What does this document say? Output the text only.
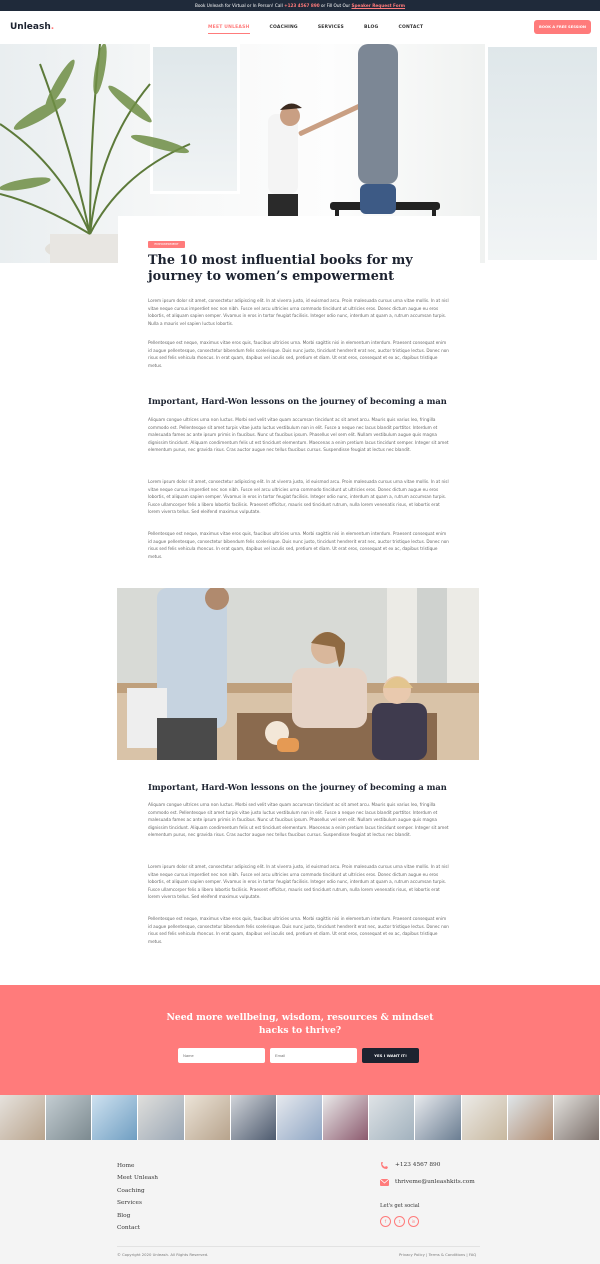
Book Unleash for Virtual or In Person! Call +123 4567 890 or Fill Out Our Speaker Request Form
Unleash.	MEET UNLEASH	COACHING	SERVICES	BLOG	CONTACT	BOOK A FREE SESSION
EMPOWERMENT
The 10 most influential books for my journey to women’s empowerment

Lorem ipsum dolor sit amet, consectetur adipiscing elit. In at viverra justo, id euismod arcu. Proin malesuada cursus urna vitae mollis. In at nisl vitae neque cursus imperdiet nec non nibh. Fusce vel arcu ultricies urna commodo tincidunt ut ultricies eros. Donec dictum augue eu eros lobortis, et aliquam sapien semper. Vivamus in eros in tortor feugiat facilisis. Integer odio nunc, interdum at quam a, rutrum accumsan turpis. Nulla a mauris vel sapien luctus lobortis.

Pellentesque est neque, maximus vitae eros quis, faucibus ultricies urna. Morbi sagittis nisi in elementum interdum. Praesent consequat enim id augue pellentesque, consectetur bibendum felis scelerisque. Duis nunc justo, tincidunt hendrerit erat nec, auctor tristique lectus. Donec non risus sed felis vehicula rhoncus. In erat quam, dapibus vel iaculis sed, pretium et diam. Ut erat eros, consequat et ex ac, dapibus tristique metus.

Important, Hard-Won lessons on the journey of becoming a man

Aliquam congue ultrices urna non luctus. Morbi sed velit vitae quam accumsan tincidunt ac sit amet arcu. Mauris quis varius leo, fringilla commodo est. Pellentesque sit amet turpis vitae justo luctus vestibulum non in elit. Fusce a neque nec lacus blandit porttitor. Interdum et malesuada fames ac ante ipsum primis in faucibus. Nunc ut faucibus ipsum. Phasellus vel sem elit. Nullam vestibulum augue quis magna dignissim tincidunt. Aliquam condimentum felis ut est tincidunt elementum. Maecenas a enim pretium lacus tincidunt semper. Integer sit amet elementum purus, nec gravida risus. Cras auctor augue nec tellus faucibus cursus. Suspendisse feugiat at lectus nec blandit.

Lorem ipsum dolor sit amet, consectetur adipiscing elit. In at viverra justo, id euismod arcu. Proin malesuada cursus urna vitae mollis. In at nisl vitae neque cursus imperdiet nec non nibh. Fusce vel arcu ultricies urna commodo tincidunt ut ultricies eros. Donec dictum augue eu eros lobortis, et aliquam sapien semper. Vivamus in eros in tortor feugiat facilisis. Integer odio nunc, interdum at quam a, rutrum accumsan turpis. Fusce ullamcorper felis a libero lobortis facilisis. Praesent efficitur, mauris sed tincidunt rutrum, nulla lorem venenatis risus, et lobortis erat lorem viverra tellus. Sed eleifend maximus vulputate.

Pellentesque est neque, maximus vitae eros quis, faucibus ultricies urna. Morbi sagittis nisi in elementum interdum. Praesent consequat enim id augue pellentesque, consectetur bibendum felis scelerisque. Duis nunc justo, tincidunt hendrerit erat nec, auctor tristique lectus. Donec non risus sed felis vehicula rhoncus. In erat quam, dapibus vel iaculis sed, pretium et diam. Ut erat eros, consequat et ex ac, dapibus tristique metus.

Important, Hard-Won lessons on the journey of becoming a man

Aliquam congue ultrices urna non luctus. Morbi sed velit vitae quam accumsan tincidunt ac sit amet arcu. Mauris quis varius leo, fringilla commodo est. Pellentesque sit amet turpis vitae justo luctus vestibulum non in elit. Fusce a neque nec lacus blandit porttitor. Interdum et malesuada fames ac ante ipsum primis in faucibus. Nunc ut faucibus ipsum. Phasellus vel sem elit. Nullam vestibulum augue quis magna dignissim tincidunt. Aliquam condimentum felis ut est tincidunt elementum. Maecenas a enim pretium lacus tincidunt semper. Integer sit amet elementum purus, nec gravida risus. Cras auctor augue nec tellus faucibus cursus. Suspendisse feugiat at lectus nec blandit.

Lorem ipsum dolor sit amet, consectetur adipiscing elit. In at viverra justo, id euismod arcu. Proin malesuada cursus urna vitae mollis. In at nisl vitae neque cursus imperdiet nec non nibh. Fusce vel arcu ultricies urna commodo tincidunt ut ultricies eros. Donec dictum augue eu eros lobortis, et aliquam sapien semper. Vivamus in eros in tortor feugiat facilisis. Integer odio nunc, interdum at quam a, rutrum accumsan turpis. Fusce ullamcorper felis a libero lobortis facilisis. Praesent efficitur, mauris sed tincidunt rutrum, nulla lorem venenatis risus, et lobortis erat lorem viverra tellus. Sed eleifend maximus vulputate.

Pellentesque est neque, maximus vitae eros quis, faucibus ultricies urna. Morbi sagittis nisi in elementum interdum. Praesent consequat enim id augue pellentesque, consectetur bibendum felis scelerisque. Duis nunc justo, tincidunt hendrerit erat nec, auctor tristique lectus. Donec non risus sed felis vehicula rhoncus. In erat quam, dapibus vel iaculis sed, pretium et diam. Ut erat eros, consequat et ex ac, dapibus tristique metus.

Need more wellbeing, wisdom, resources & mindset hacks to thrive?
Name
Email
YES I WANT IT!
Home
Meet Unleash
Coaching
Services
Blog
Contact
+123 4567 890
thriveme@unleashkits.com
Let's get social
f	t	in
© Copyright 2020 Unleash. All Rights Reserved.	Privacy Policy | Terms & Conditions | FAQ
